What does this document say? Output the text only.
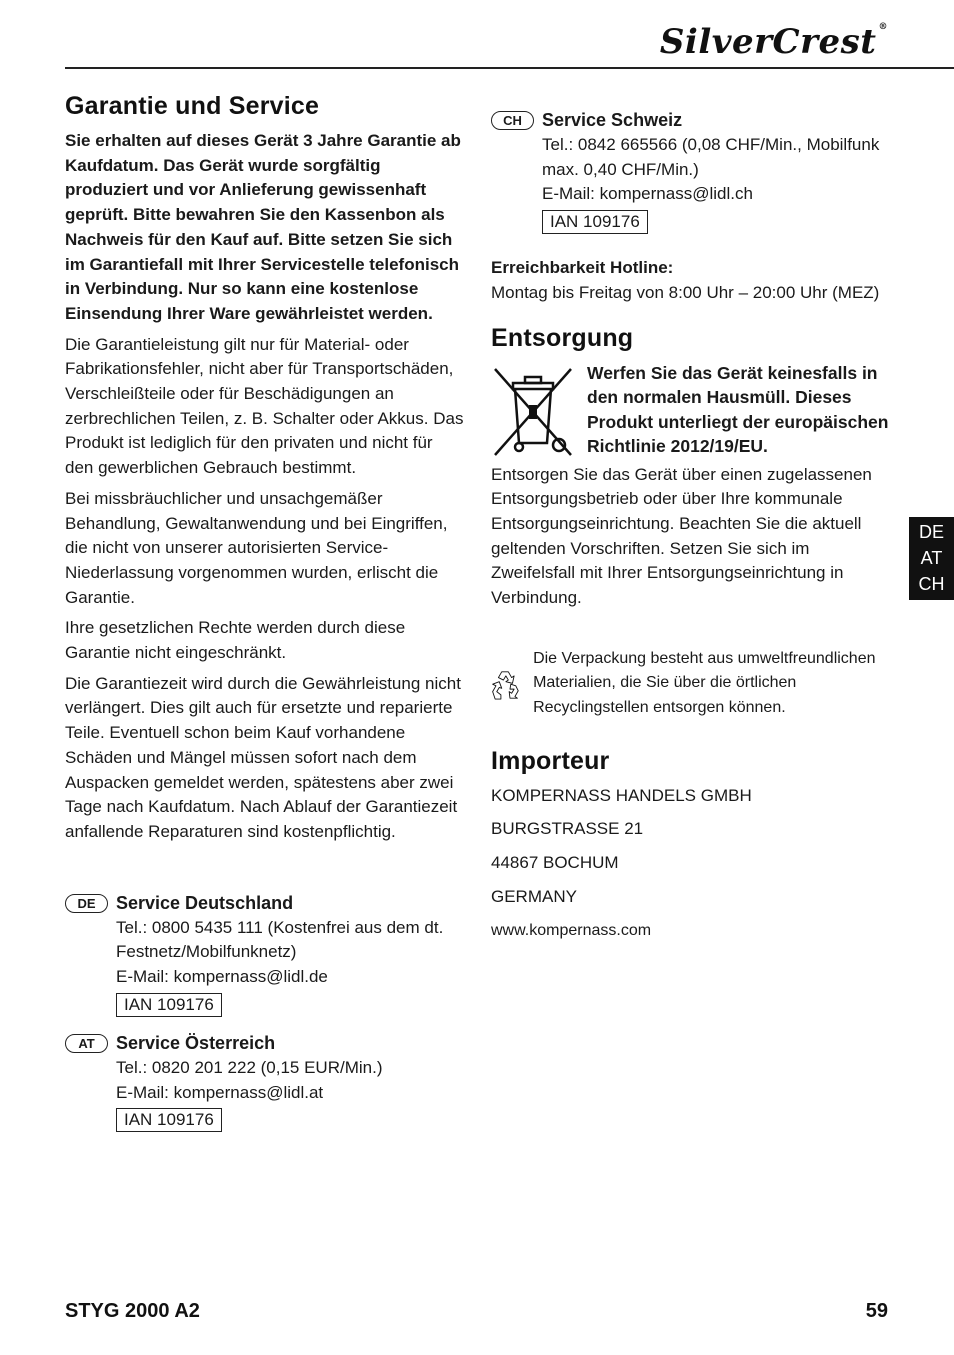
SilverCrest ®
Garantie und Service

Sie erhalten auf dieses Gerät 3 Jahre Garantie ab Kaufdatum. Das Gerät wurde sorgfältig produziert und vor Anlieferung gewissenhaft geprüft. Bitte bewahren Sie den Kassenbon als Nachweis für den Kauf auf. Bitte setzen Sie sich im Garantiefall mit Ihrer Servicestelle telefonisch in Verbindung. Nur so kann eine kostenlose Einsendung Ihrer Ware gewährleistet werden.

Die Garantieleistung gilt nur für Material- oder Fabrikationsfehler, nicht aber für Transportschäden, Verschleißteile oder für Beschädigungen an zerbrechlichen Teilen, z. B. Schalter oder Akkus. Das Produkt ist lediglich für den privaten und nicht für den gewerblichen Gebrauch bestimmt.

Bei missbräuchlicher und unsachgemäßer Behandlung, Gewaltanwendung und bei Eingriffen, die nicht von unserer autorisierten Service-Niederlassung vorgenommen wurden, erlischt die Garantie.

Ihre gesetzlichen Rechte werden durch diese Garantie nicht eingeschränkt.

Die Garantiezeit wird durch die Gewährleistung nicht verlängert. Dies gilt auch für ersetzte und reparierte Teile. Eventuell schon beim Kauf vorhandene Schäden und Mängel müssen sofort nach dem Auspacken gemeldet werden, spätestens aber zwei Tage nach Kaufdatum. Nach Ablauf der Garantiezeit anfallende Reparaturen sind kostenpflichtig.

DE	Service Deutschland
Tel.: 0800 5435 111 (Kostenfrei aus dem dt. Festnetz/Mobilfunknetz)
E-Mail: kompernass@lidl.de
IAN 109176
AT	Service Österreich
Tel.: 0820 201 222 (0,15 EUR/Min.)
E-Mail: kompernass@lidl.at
IAN 109176
CH	Service Schweiz
Tel.: 0842 665566 (0,08 CHF/Min., Mobilfunk max. 0,40 CHF/Min.)
E-Mail: kompernass@lidl.ch
IAN 109176

Erreichbarkeit Hotline:

Montag bis Freitag von 8:00 Uhr – 20:00 Uhr (MEZ)

Entsorgung
Werfen Sie das Gerät keinesfalls in den normalen Hausmüll. Dieses Produkt unterliegt der europäischen Richtlinie 2012/19/EU.

Entsorgen Sie das Gerät über einen zugelassenen Entsorgungsbetrieb oder über Ihre kommunale Entsorgungseinrichtung. Beachten Sie die aktuell geltenden Vorschriften. Setzen Sie sich im Zweifelsfall mit Ihrer Entsorgungseinrichtung in Verbindung.

Die Verpackung besteht aus umweltfreundlichen Materialien, die Sie über die örtlichen Recyclingstellen entsorgen können.
Importeur

KOMPERNASS HANDELS GMBH

BURGSTRASSE 21

44867 BOCHUM

GERMANY

www.kompernass.com

DE
AT
CH
STYG 2000 A2	59
